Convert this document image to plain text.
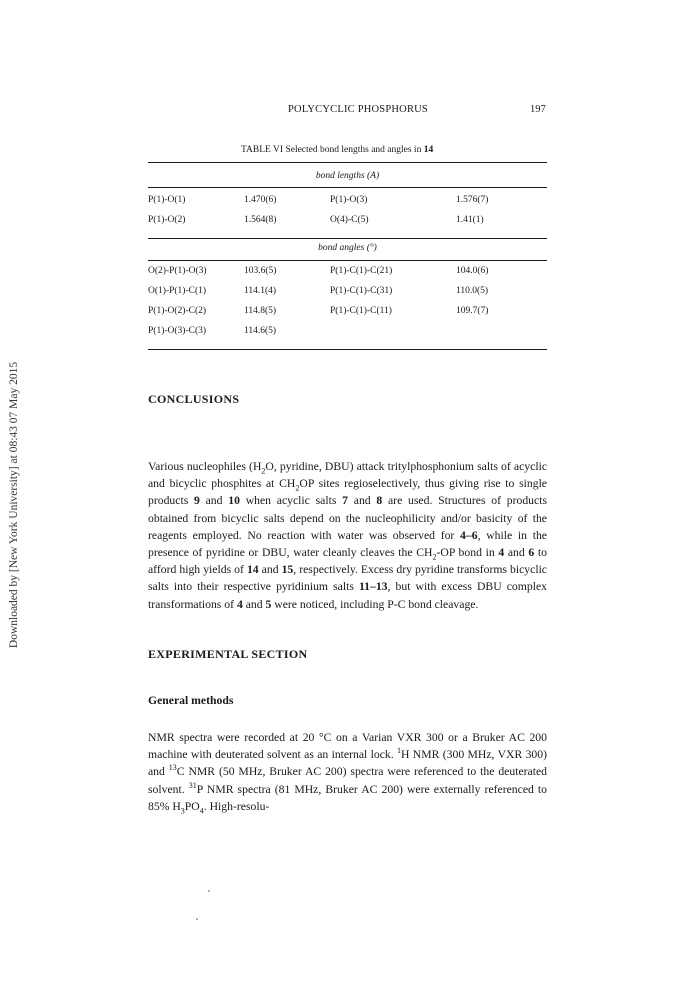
Downloaded by [New York University] at 08:43 07 May 2015
POLYCYCLIC PHOSPHORUS	197
TABLE VI Selected bond lengths and angles in 14
bond lengths (A)
P(1)-O(1)	1.470(6)	P(1)-O(3)	1.576(7)
P(1)-O(2)	1.564(8)	O(4)-C(5)	1.41(1)
bond angles (°)
O(2)-P(1)-O(3)	103.6(5)	P(1)-C(1)-C(21)	104.0(6)
O(1)-P(1)-C(1)	114.1(4)	P(1)-C(1)-C(31)	110.0(5)
P(1)-O(2)-C(2)	114.8(5)	P(1)-C(1)-C(11)	109.7(7)
P(1)-O(3)-C(3)	114.6(5)
CONCLUSIONS
Various nucleophiles ($H_2O$, pyridine, DBU) attack tritylphosphonium salts of acyclic and bicyclic phosphites at $CH_2OP$ sites regioselectively, thus giving rise to single products 9 and 10 when acyclic salts 7 and 8 are used. Structures of products obtained from bicyclic salts depend on the nucleophilicity and/or basicity of the reagents employed. No reaction with water was observed for 4–6, while in the presence of pyridine or DBU, water cleanly cleaves the $CH_2-OP$ bond in 4 and 6 to afford high yields of 14 and 15, respectively. Excess dry pyridine transforms bicyclic salts into their respective pyridinium salts 11–13, but with excess DBU complex transformations of 4 and 5 were noticed, including P-C bond cleavage.
EXPERIMENTAL SECTION
General methods
NMR spectra were recorded at 20 °C on a Varian VXR 300 or a Bruker AC 200 machine with deuterated solvent as an internal lock. $^1$H NMR (300 MHz, VXR 300) and $^{13}$C NMR (50 MHz, Bruker AC 200) spectra were referenced to the deuterated solvent. $^{31}$P NMR spectra (81 MHz, Bruker AC 200) were externally referenced to 85% $H_3PO_4$. High-resolu-
